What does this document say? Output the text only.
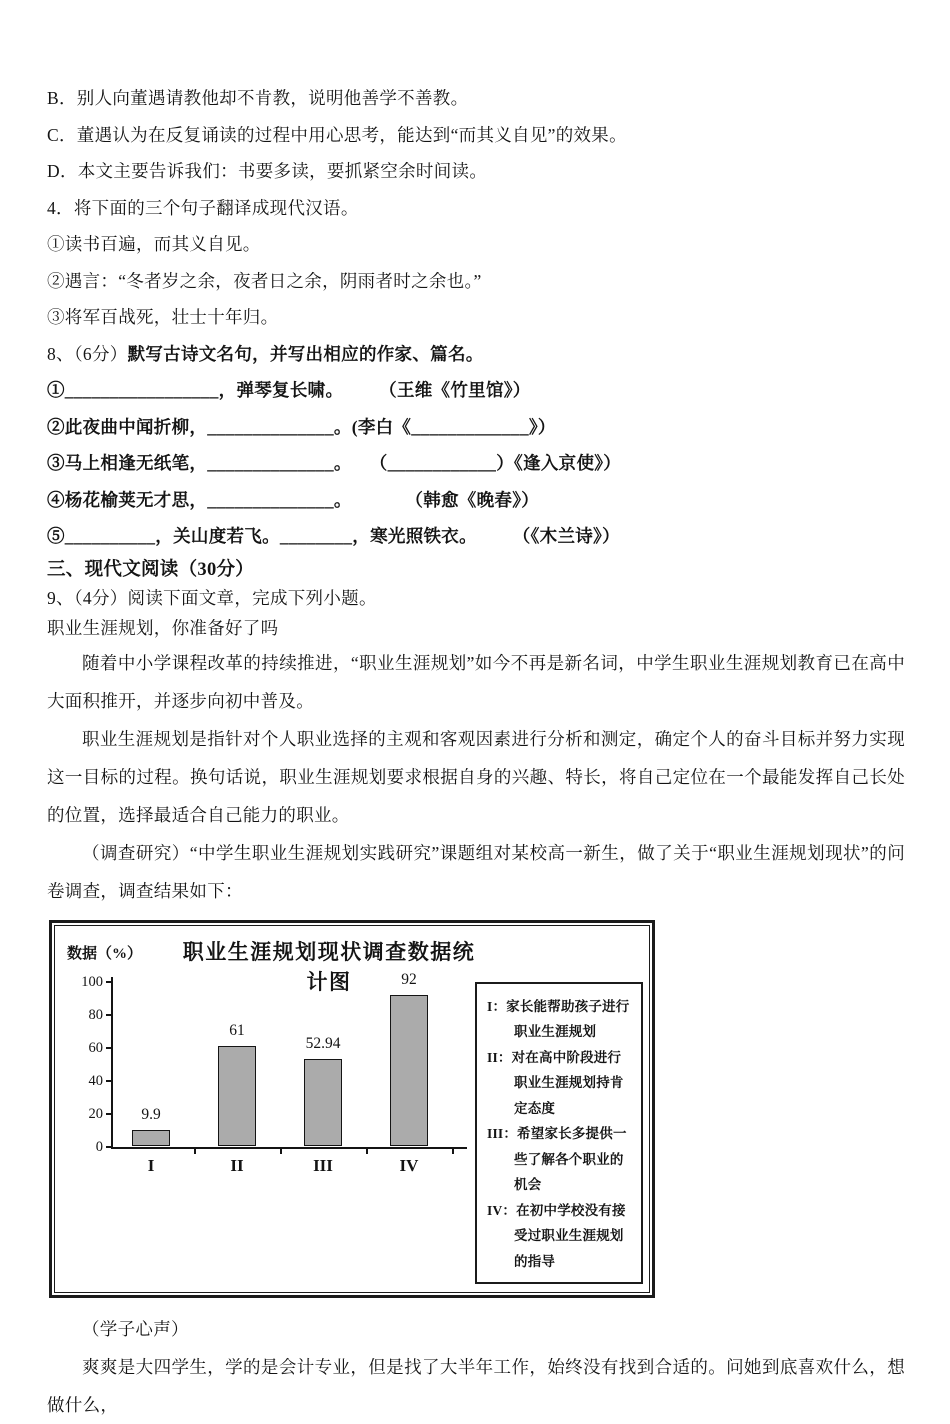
B．别人向董遇请教他却不肯教，说明他善学不善教。
C．董遇认为在反复诵读的过程中用心思考，能达到“而其义自见”的效果。
D．本文主要告诉我们：书要多读，要抓紧空余时间读。
4．将下面的三个句子翻译成现代汉语。
①读书百遍，而其义自见。
②遇言：“冬者岁之余，夜者日之余，阴雨者时之余也。”
③将军百战死，壮士十年归。
8、（6分）默写古诗文名句，并写出相应的作家、篇名。
①_________________，弹琴复长啸。　　　（王维《竹里馆》）
②此夜曲中闻折柳，______________。(李白《_____________》）
③马上相逢无纸笔，______________。　　（____________）《逢入京使》）
④杨花榆荚无才思，______________。　　　　（韩愈《晚春》）
⑤__________，关山度若飞。________，寒光照铁衣。　　　（《木兰诗》）
三、现代文阅读（30分）
9、（4分）阅读下面文章，完成下列小题。
职业生涯规划，你准备好了吗
随着中小学课程改革的持续推进，“职业生涯规划”如今不再是新名词，中学生职业生涯规划教育已在高中大面积推开，并逐步向初中普及。
职业生涯规划是指针对个人职业选择的主观和客观因素进行分析和测定，确定个人的奋斗目标并努力实现这一目标的过程。换句话说，职业生涯规划要求根据自身的兴趣、特长，将自己定位在一个最能发挥自己长处的位置，选择最适合自己能力的职业。
（调查研究）“中学生职业生涯规划实践研究”课题组对某校高一新生，做了关于“职业生涯规划现状”的问卷调查，调查结果如下：
数据（%）	职业生涯规划现状调查数据统计图
0
20
40
60
80
100
9.9
I
61
II
52.94
III
92
IV
I：家长能帮助孩子进行职业生涯规划
II：对在高中阶段进行职业生涯规划持肯定态度
III：希望家长多提供一些了解各个职业的机会
IV：在初中学校没有接受过职业生涯规划的指导
（学子心声）
爽爽是大四学生，学的是会计专业，但是找了大半年工作，始终没有找到合适的。问她到底喜欢什么，想做什么，
